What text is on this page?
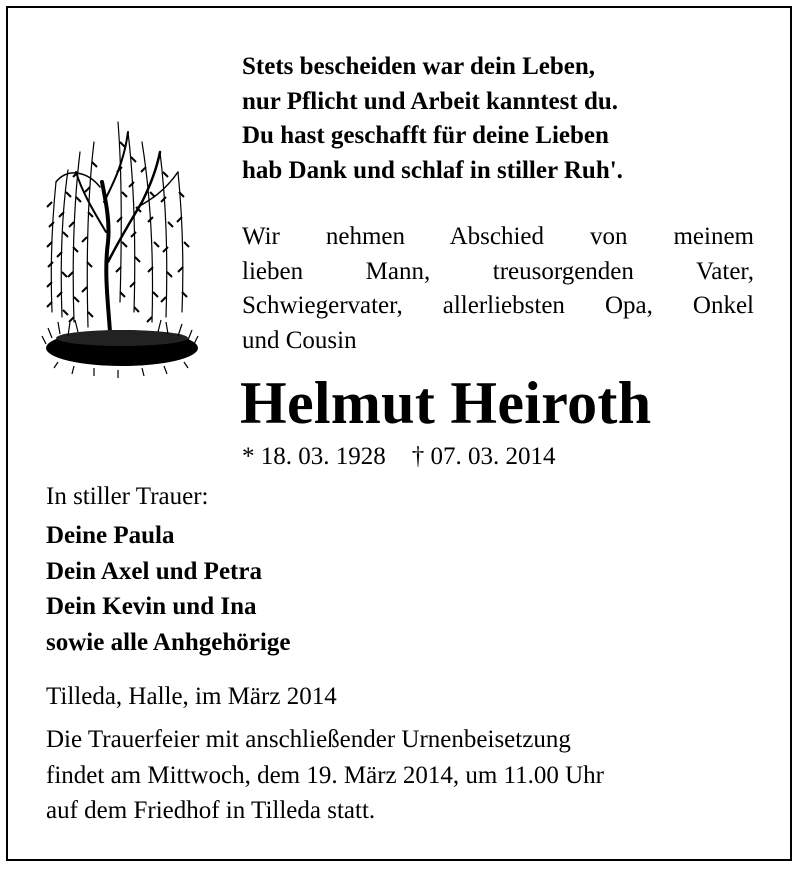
Stets bescheiden war dein Leben,
nur Pflicht und Arbeit kanntest du.
Du hast geschafft für deine Lieben
hab Dank und schlaf in stiller Ruh'.
Wir nehmen Abschied von meinem
lieben Mann, treusorgenden Vater,
Schwiegervater, allerliebsten Opa, Onkel
und Cousin
Helmut Heiroth
* 18. 03. 1928 † 07. 03. 2014
In stiller Trauer:
Deine Paula
Dein Axel und Petra
Dein Kevin und Ina
sowie alle Anhgehörige
Tilleda, Halle, im März 2014
Die Trauerfeier mit anschließender Urnenbeisetzung
findet am Mittwoch, dem 19. März 2014, um 11.00 Uhr
auf dem Friedhof in Tilleda statt.
